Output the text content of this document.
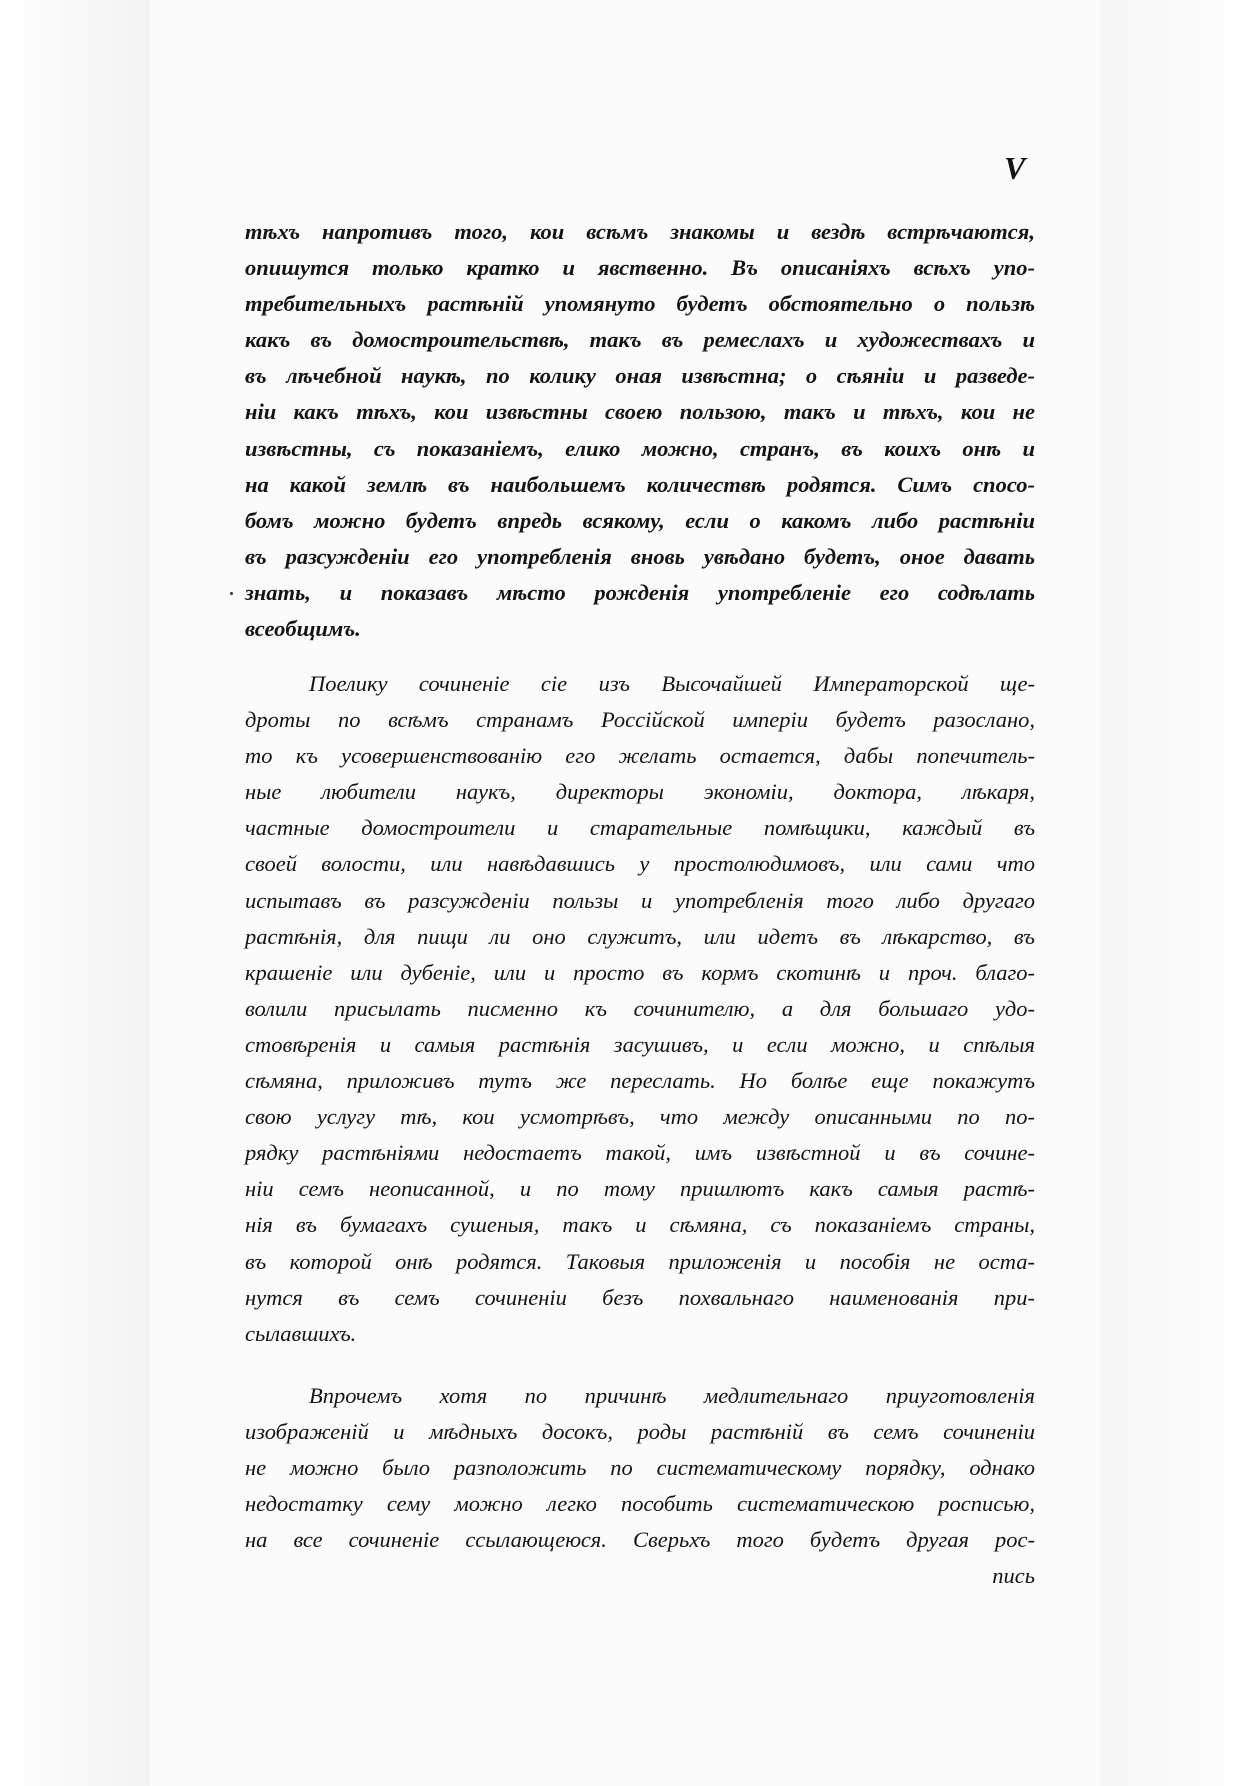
V
тѣхъ напротивъ того, кои всѣмъ знакомы и вездѣ встрѣчаются,
опишутся только кратко и явственно. Въ описаніяхъ всѣхъ упо-
требительныхъ растѣній упомянуто будетъ обстоятельно о пользѣ
какъ въ домостроительствѣ, такъ въ ремеслахъ и художествахъ и
въ лѣчебной наукѣ, по колику оная извѣстна; о сѣяніи и разведе-
ніи какъ тѣхъ, кои извѣстны своею пользою, такъ и тѣхъ, кои не
извѣстны, съ показаніемъ, елико можно, странъ, въ коихъ онѣ и
на какой землѣ въ наибольшемъ количествѣ родятся. Симъ спосо-
бомъ можно будетъ впредь всякому, если о какомъ либо растѣніи
въ разсужденіи его употребленія вновь увѣдано будетъ, оное давать
знать, и показавъ мѣсто рожденія употребленіе его содѣлать
всеобщимъ.
Поелику сочиненіе сіе изъ Высочайшей Императорской ще-
дроты по всѣмъ странамъ Россійской имперіи будетъ разослано,
то къ усовершенствованію его желать остается, дабы попечитель-
ные любители наукъ, директоры экономіи, доктора, лѣкаря,
частные домостроители и старательные помѣщики, каждый въ
своей волости, или навѣдавшись у простолюдимовъ, или сами что
испытавъ въ разсужденіи пользы и употребленія того либо другаго
растѣнія, для пищи ли оно служитъ, или идетъ въ лѣкарство, въ
крашеніе или дубеніе, или и просто въ кормъ скотинѣ и проч. благо-
волили присылать писменно къ сочинителю, а для большаго удо-
стовѣренія и самыя растѣнія засушивъ, и если можно, и спѣлыя
сѣмяна, приложивъ тутъ же переслать. Но болѣе еще покажутъ
свою услугу тѣ, кои усмотрѣвъ, что между описанными по по-
рядку растѣніями недостаетъ такой, имъ извѣстной и въ сочине-
ніи семъ неописанной, и по тому пришлютъ какъ самыя растѣ-
нія въ бумагахъ сушеныя, такъ и сѣмяна, съ показаніемъ страны,
въ которой онѣ родятся. Таковыя приложенія и пособія не оста-
нутся въ семъ сочиненіи безъ похвальнаго наименованія при-
сылавшихъ.
Впрочемъ хотя по причинѣ медлительнаго приуготовленія
изображеній и мѣдныхъ досокъ, роды растѣній въ семъ сочиненіи
не можно было разположить по систематическому порядку, однако
недостатку сему можно легко пособить систематическою росписью,
на все сочиненіе ссылающеюся. Сверьхъ того будетъ другая рос-
пись
